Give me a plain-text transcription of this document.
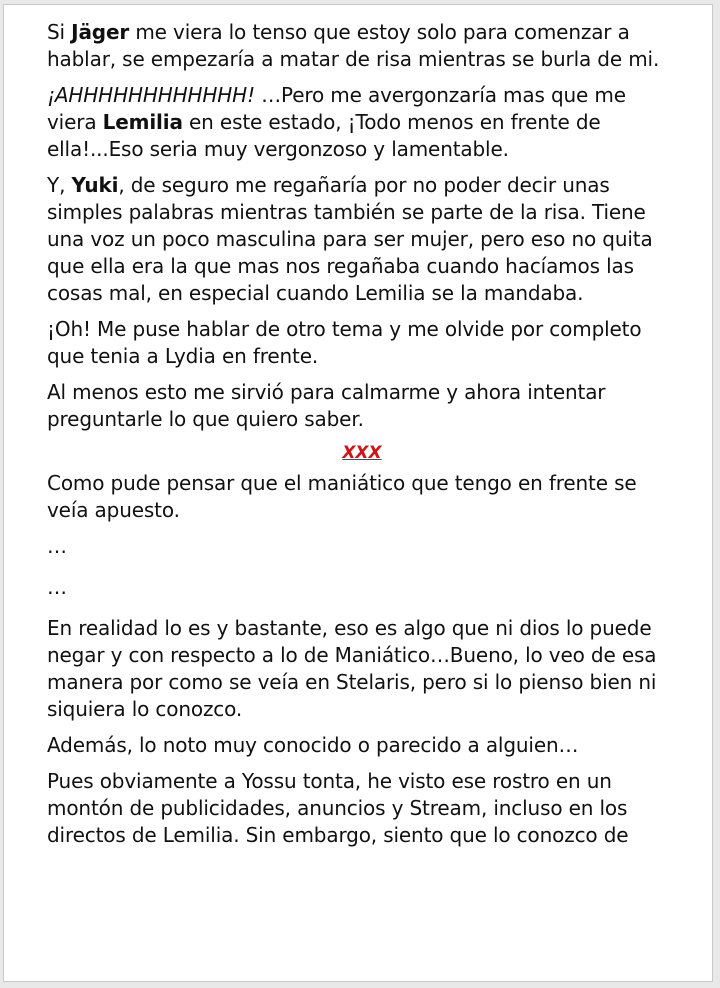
Si Jäger me viera lo tenso que estoy solo para comenzar a hablar, se empezaría a matar de risa mientras se burla de mi.

¡AHHHHHHHHHHHH! …Pero me avergonzaría mas que me viera Lemilia en este estado, ¡Todo menos en frente de ella!...Eso seria muy vergonzoso y lamentable.

Y, Yuki, de seguro me regañaría por no poder decir unas simples palabras mientras también se parte de la risa. Tiene una voz un poco masculina para ser mujer, pero eso no quita que ella era la que mas nos regañaba cuando hacíamos las cosas mal, en especial cuando Lemilia se la mandaba.

¡Oh! Me puse hablar de otro tema y me olvide por completo que tenia a Lydia en frente.

Al menos esto me sirvió para calmarme y ahora intentar preguntarle lo que quiero saber.

XXX

Como pude pensar que el maniático que tengo en frente se veía apuesto.

…

…

En realidad lo es y bastante, eso es algo que ni dios lo puede negar y con respecto a lo de Maniático…Bueno, lo veo de esa manera por como se veía en Stelaris, pero si lo pienso bien ni siquiera lo conozco.

Además, lo noto muy conocido o parecido a alguien…

Pues obviamente a Yossu tonta, he visto ese rostro en un montón de publicidades, anuncios y Stream, incluso en los directos de Lemilia. Sin embargo, siento que lo conozco de
